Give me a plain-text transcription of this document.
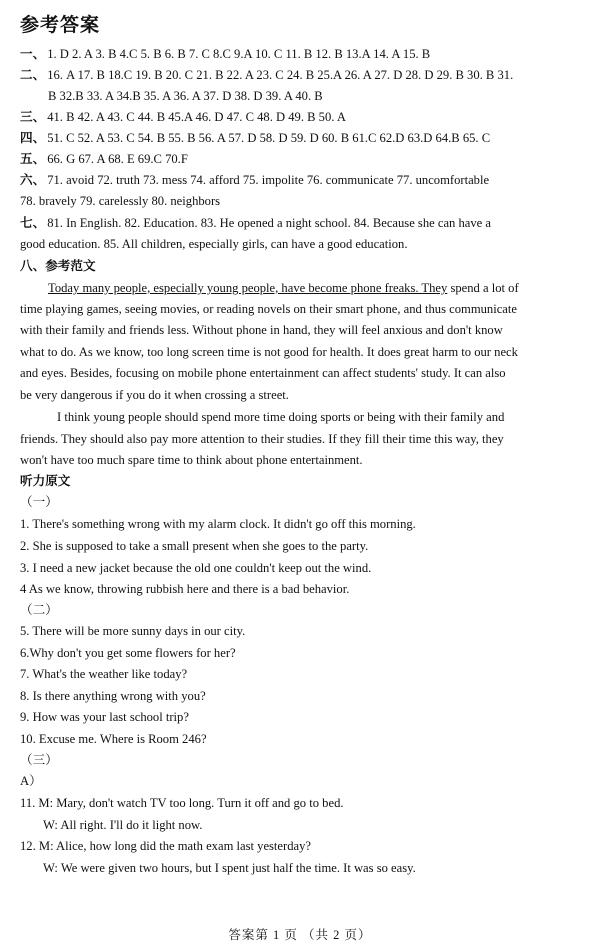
参考答案
一、 1. D 2. A 3. B 4.C 5. B 6. B 7. C 8.C 9.A 10. C 11. B 12. B 13.A 14. A 15. B
二、 16. A 17. B 18.C 19. B 20. C 21. B 22. A 23. C 24. B 25.A 26. A 27. D 28. D 29. B 30. B 31.
B 32.B 33. A 34.B 35. A 36. A 37. D 38. D 39. A 40. B
三、 41. B 42. A 43. C 44. B 45.A 46. D 47. C 48. D 49. B 50. A
四、 51. C 52. A 53. C 54. B 55. B 56. A 57. D 58. D 59. D 60. B 61.C 62.D 63.D 64.B 65. C
五、 66. G 67. A 68. E 69.C 70.F
六、 71. avoid 72. truth 73. mess 74. afford 75. impolite 76. communicate 77. uncomfortable
78. bravely 79. carelessly 80. neighbors
七、 81. In English. 82. Education. 83. He opened a night school. 84. Because she can have a
good education. 85. All children, especially girls, can have a good education.
八、参考范文
Today many people, especially young people, have become phone freaks. They spend a lot of
time playing games, seeing movies, or reading novels on their smart phone, and thus communicate
with their family and friends less. Without phone in hand, they will feel anxious and don't know
what to do. As we know, too long screen time is not good for health. It does great harm to our neck
and eyes. Besides, focusing on mobile phone entertainment can affect students' study. It can also
be very dangerous if you do it when crossing a street.
I think young people should spend more time doing sports or being with their family and
friends. They should also pay more attention to their studies. If they fill their time this way, they
won't have too much spare time to think about phone entertainment.
听力原文
（一）
1. There's something wrong with my alarm clock. It didn't go off this morning.
2. She is supposed to take a small present when she goes to the party.
3. I need a new jacket because the old one couldn't keep out the wind.
4 As we know, throwing rubbish here and there is a bad behavior.
（二）
5. There will be more sunny days in our city.
6.Why don't you get some flowers for her?
7. What's the weather like today?
8. Is there anything wrong with you?
9. How was your last school trip?
10. Excuse me. Where is Room 246?
（三）
A）
11. M: Mary, don't watch TV too long. Turn it off and go to bed.
W: All right. I'll do it light now.
12. M: Alice, how long did the math exam last yesterday?
W: We were given two hours, but I spent just half the time. It was so easy.
答案第 1 页 （共 2 页）
